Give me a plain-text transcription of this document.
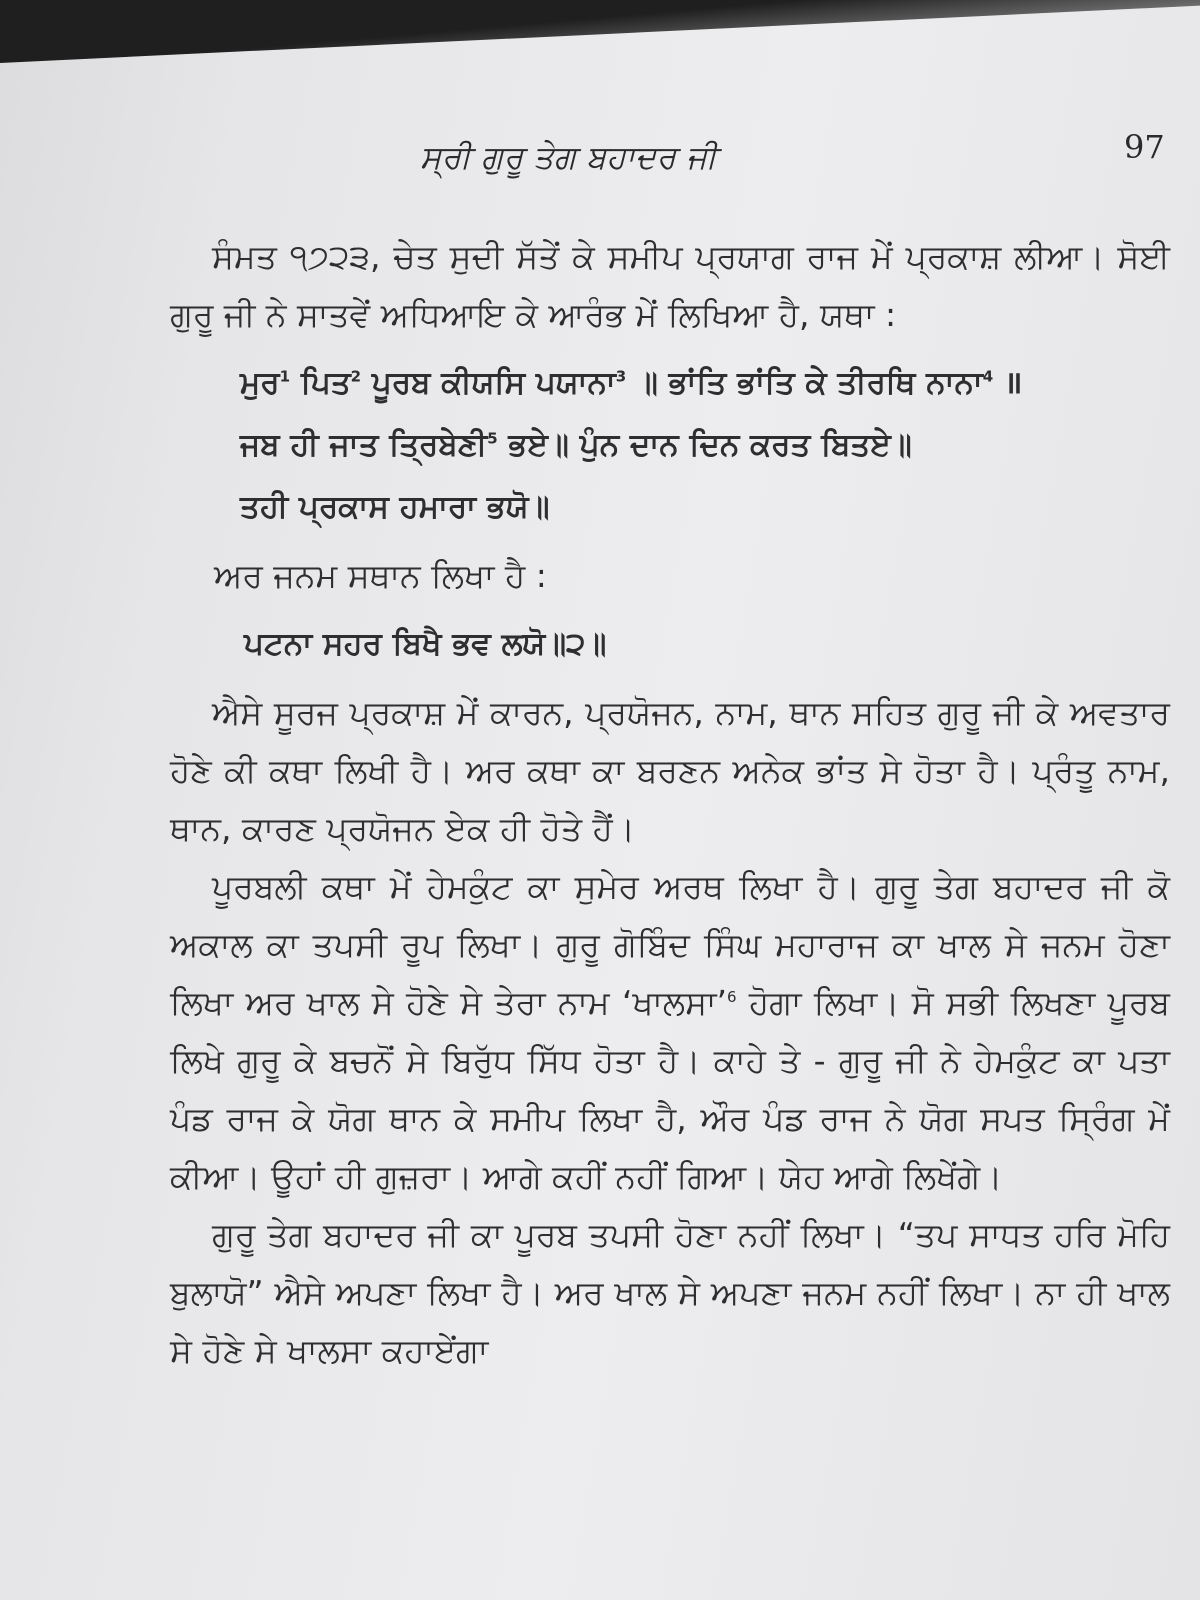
ਸ੍ਰੀ ਗੁਰੂ ਤੇਗ ਬਹਾਦਰ ਜੀ	97

ਸੰਮਤ ੧੭੨੩, ਚੇਤ ਸੁਦੀ ਸੱਤੇਂ ਕੇ ਸਮੀਪ ਪ੍ਰਯਾਗ ਰਾਜ ਮੇਂ ਪ੍ਰਕਾਸ਼ ਲੀਆ। ਸੋਈ ਗੁਰੂ ਜੀ ਨੇ ਸਾਤਵੇਂ ਅਧਿਆਇ ਕੇ ਆਰੰਭ ਮੇਂ ਲਿਖਿਆ ਹੈ, ਯਥਾ :

ਮੁਰ$^1$ ਪਿਤ$^2$ ਪੂਰਬ ਕੀਯਸਿ ਪਯਾਨਾ$^3$ ॥ ਭਾਂਤਿ ਭਾਂਤਿ ਕੇ ਤੀਰਥਿ ਨਾਨਾ$^4$ ॥
ਜਬ ਹੀ ਜਾਤ ਤ੍ਰਿਬੇਣੀ$^5$ ਭਏ॥ ਪੁੰਨ ਦਾਨ ਦਿਨ ਕਰਤ ਬਿਤਏ॥
ਤਹੀ ਪ੍ਰਕਾਸ ਹਮਾਰਾ ਭਯੋ॥
ਅਰ ਜਨਮ ਸਥਾਨ ਲਿਖਾ ਹੈ :
ਪਟਨਾ ਸਹਰ ਬਿਖੈ ਭਵ ਲਯੋ॥੨॥

ਐਸੇ ਸੂਰਜ ਪ੍ਰਕਾਸ਼ ਮੇਂ ਕਾਰਨ, ਪ੍ਰਯੋਜਨ, ਨਾਮ, ਥਾਨ ਸਹਿਤ ਗੁਰੂ ਜੀ ਕੇ ਅਵਤਾਰ ਹੋਣੇ ਕੀ ਕਥਾ ਲਿਖੀ ਹੈ। ਅਰ ਕਥਾ ਕਾ ਬਰਣਨ ਅਨੇਕ ਭਾਂਤ ਸੇ ਹੋਤਾ ਹੈ। ਪ੍ਰੰਤੂ ਨਾਮ, ਥਾਨ, ਕਾਰਣ ਪ੍ਰਯੋਜਨ ਏਕ ਹੀ ਹੋਤੇ ਹੈਂ।

ਪੂਰਬਲੀ ਕਥਾ ਮੇਂ ਹੇਮਕੁੰਟ ਕਾ ਸੁਮੇਰ ਅਰਥ ਲਿਖਾ ਹੈ। ਗੁਰੂ ਤੇਗ ਬਹਾਦਰ ਜੀ ਕੋ ਅਕਾਲ ਕਾ ਤਪਸੀ ਰੂਪ ਲਿਖਾ। ਗੁਰੂ ਗੋਬਿੰਦ ਸਿੰਘ ਮਹਾਰਾਜ ਕਾ ਖਾਲ ਸੇ ਜਨਮ ਹੋਣਾ ਲਿਖਾ ਅਰ ਖਾਲ ਸੇ ਹੋਣੇ ਸੇ ਤੇਰਾ ਨਾਮ ‘ਖਾਲਸਾ’$^6$ ਹੋਗਾ ਲਿਖਾ। ਸੋ ਸਭੀ ਲਿਖਣਾ ਪੂਰਬ ਲਿਖੇ ਗੁਰੂ ਕੇ ਬਚਨੋਂ ਸੇ ਬਿਰੁੱਧ ਸਿੱਧ ਹੋਤਾ ਹੈ। ਕਾਹੇ ਤੇ - ਗੁਰੂ ਜੀ ਨੇ ਹੇਮਕੁੰਟ ਕਾ ਪਤਾ ਪੰਡ ਰਾਜ ਕੇ ਯੋਗ ਥਾਨ ਕੇ ਸਮੀਪ ਲਿਖਾ ਹੈ, ਔਰ ਪੰਡ ਰਾਜ ਨੇ ਯੋਗ ਸਪਤ ਸ੍ਰਿੰਗ ਮੇਂ ਕੀਆ। ਊਹਾਂ ਹੀ ਗੁਜ਼ਰਾ। ਆਗੇ ਕਹੀਂ ਨਹੀਂ ਗਿਆ। ਯੇਹ ਆਗੇ ਲਿਖੇਂਗੇ।

ਗੁਰੂ ਤੇਗ ਬਹਾਦਰ ਜੀ ਕਾ ਪੂਰਬ ਤਪਸੀ ਹੋਣਾ ਨਹੀਂ ਲਿਖਾ। “ਤਪ ਸਾਧਤ ਹਰਿ ਮੋਹਿ ਬੁਲਾਯੋ” ਐਸੇ ਅਪਣਾ ਲਿਖਾ ਹੈ। ਅਰ ਖਾਲ ਸੇ ਅਪਣਾ ਜਨਮ ਨਹੀਂ ਲਿਖਾ। ਨਾ ਹੀ ਖਾਲ ਸੇ ਹੋਣੇ ਸੇ ਖਾਲਸਾ ਕਹਾਏਂਗਾ
